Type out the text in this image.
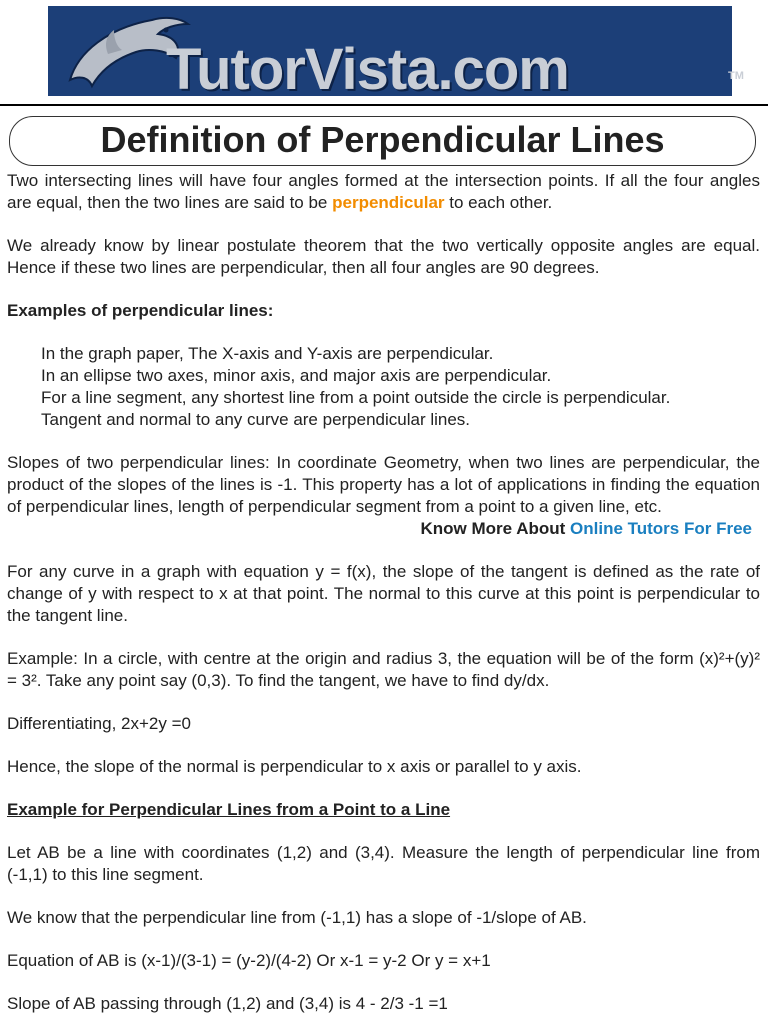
TutorVista.com	TM
Definition of Perpendicular Lines

Two intersecting lines will have four angles formed at the intersection points. If all the four angles are equal, then the two lines are said to be perpendicular to each other.

We already know by linear postulate theorem that the two vertically opposite angles are equal. Hence if these two lines are perpendicular, then all four angles are 90 degrees.

Examples of perpendicular lines:

In the graph paper, The X-axis and Y-axis are perpendicular.
In an ellipse two axes, minor axis, and major axis are perpendicular.
For a line segment, any shortest line from a point outside the circle is perpendicular.
Tangent and normal to any curve are perpendicular lines.

Slopes of two perpendicular lines: In coordinate Geometry, when two lines are perpendicular, the product of the slopes of the lines is -1. This property has a lot of applications in finding the equation of perpendicular lines, length of perpendicular segment from a point to a given line, etc.

Know More About Online Tutors For Free

For any curve in a graph with equation y = f(x), the slope of the tangent is defined as the rate of change of y with respect to x at that point. The normal to this curve at this point is perpendicular to the tangent line.

Example: In a circle, with centre at the origin and radius 3, the equation will be of the form (x)²+(y)² = 3². Take any point say (0,3). To find the tangent, we have to find dy/dx.

Differentiating, 2x+2y =0

Hence, the slope of the normal is perpendicular to x axis or parallel to y axis.

Example for Perpendicular Lines from a Point to a Line

Let AB be a line with coordinates (1,2) and (3,4). Measure the length of perpendicular line from (-1,1) to this line segment.

We know that the perpendicular line from (-1,1) has a slope of -1/slope of AB.

Equation of AB is (x-1)/(3-1) = (y-2)/(4-2) Or x-1 = y-2 Or y = x+1

Slope of AB passing through (1,2) and (3,4) is 4 - 2/3 -1 =1
